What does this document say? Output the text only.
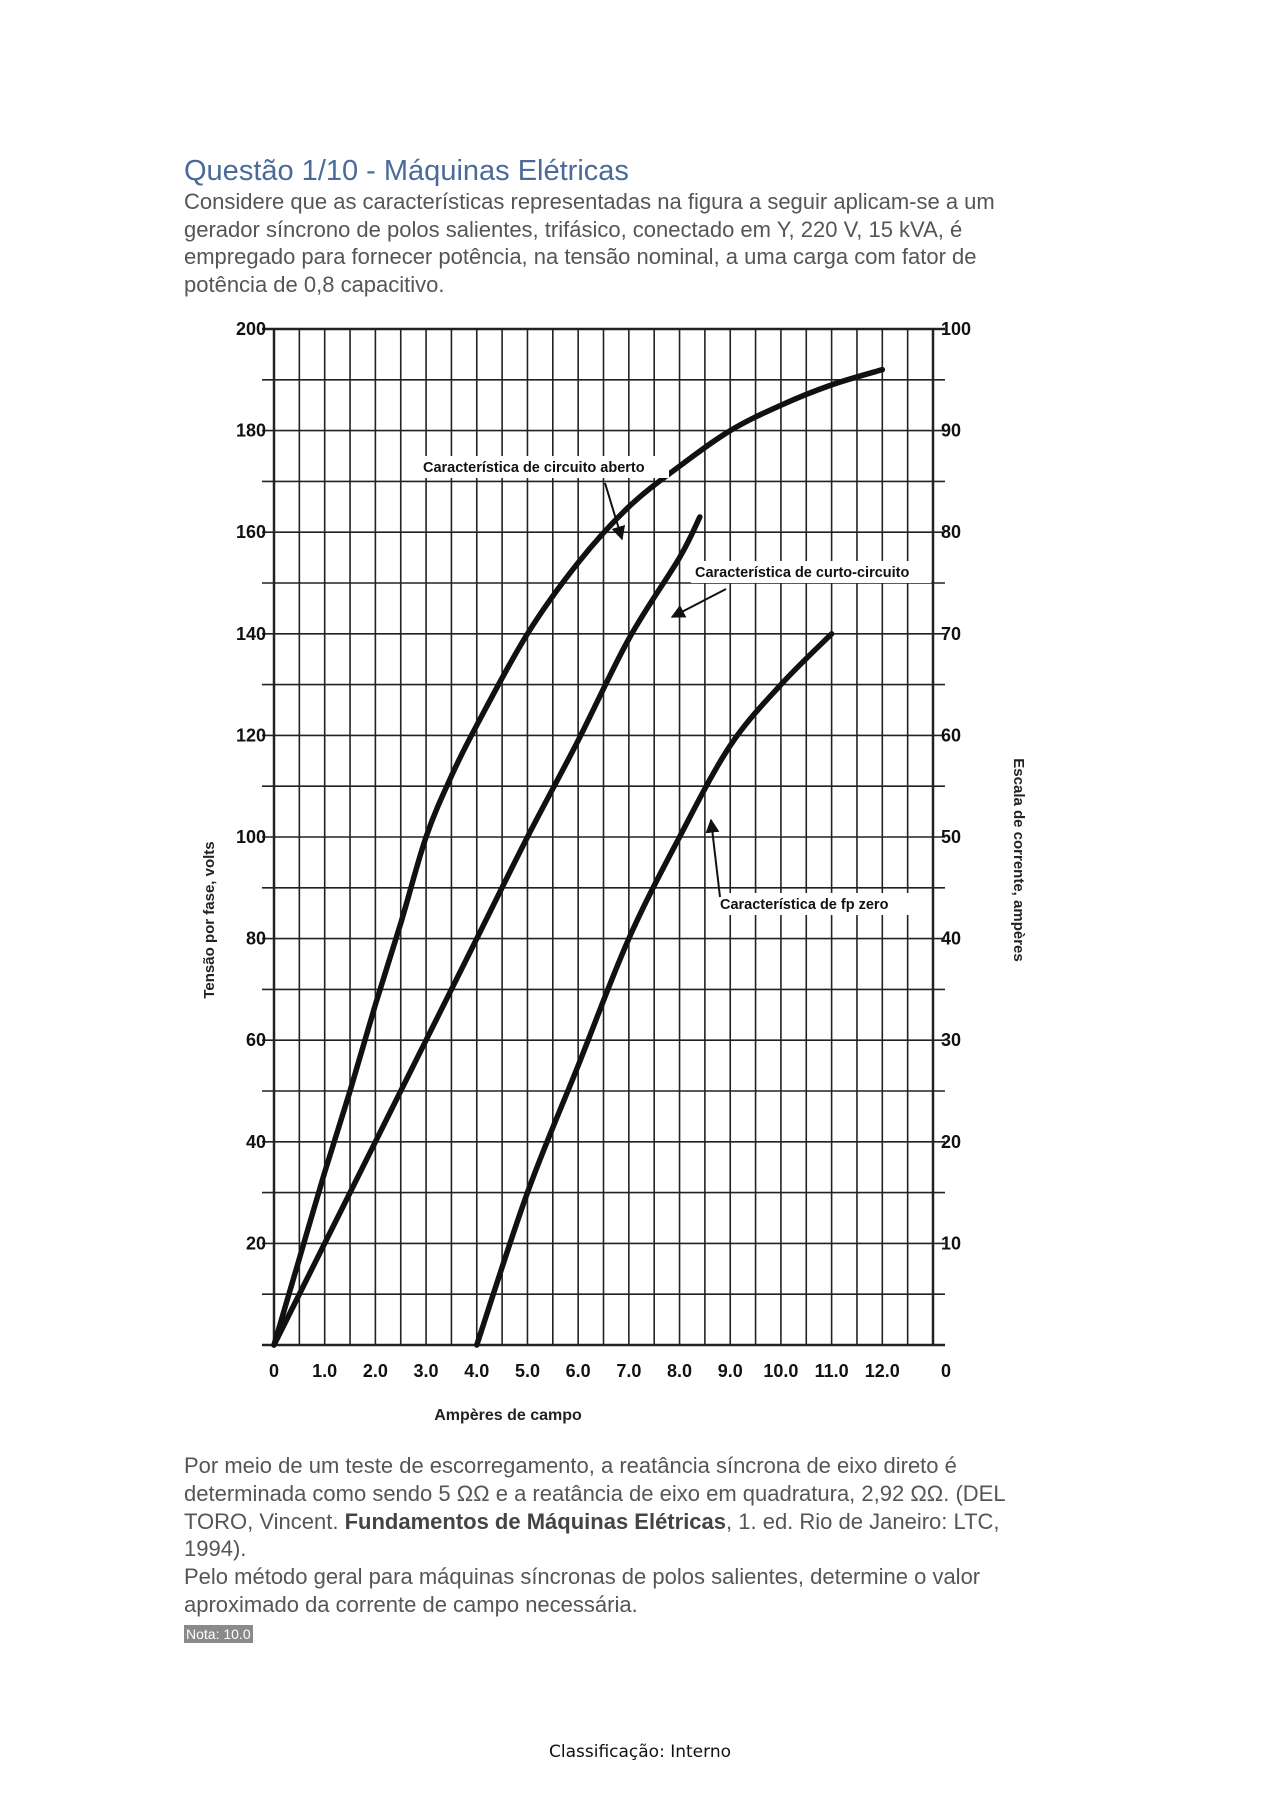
Questão 1/10 - Máquinas Elétricas

Considere que as características representadas na figura a seguir aplicam-se a um
gerador síncrono de polos salientes, trifásico, conectado em Y, 220 V, 15 kVA, é
empregado para fornecer potência, na tensão nominal, a uma carga com fator de
potência de 0,8 capacitivo.

0 1.0 2.0 3.0 4.0 5.0 6.0 7.0 8.0 9.0 10.0 11.0 12.0
200
180
160
140
120
100
80
60
40
20
100
90
80
70
60
50
40
30
20
10
0
Característica de circuito aberto
Característica de curto-circuito
Característica de fp zero
Ampères de campo
Tensão por fase, volts	Escala de corrente, ampères

Por meio de um teste de escorregamento, a reatância síncrona de eixo direto é
determinada como sendo 5 ΩΩ e a reatância de eixo em quadratura, 2,92 ΩΩ. (DEL
TORO, Vincent. Fundamentos de Máquinas Elétricas, 1. ed. Rio de Janeiro: LTC,
1994).
Pelo método geral para máquinas síncronas de polos salientes, determine o valor
aproximado da corrente de campo necessária.

Nota: 10.0
Classificação: Interno
